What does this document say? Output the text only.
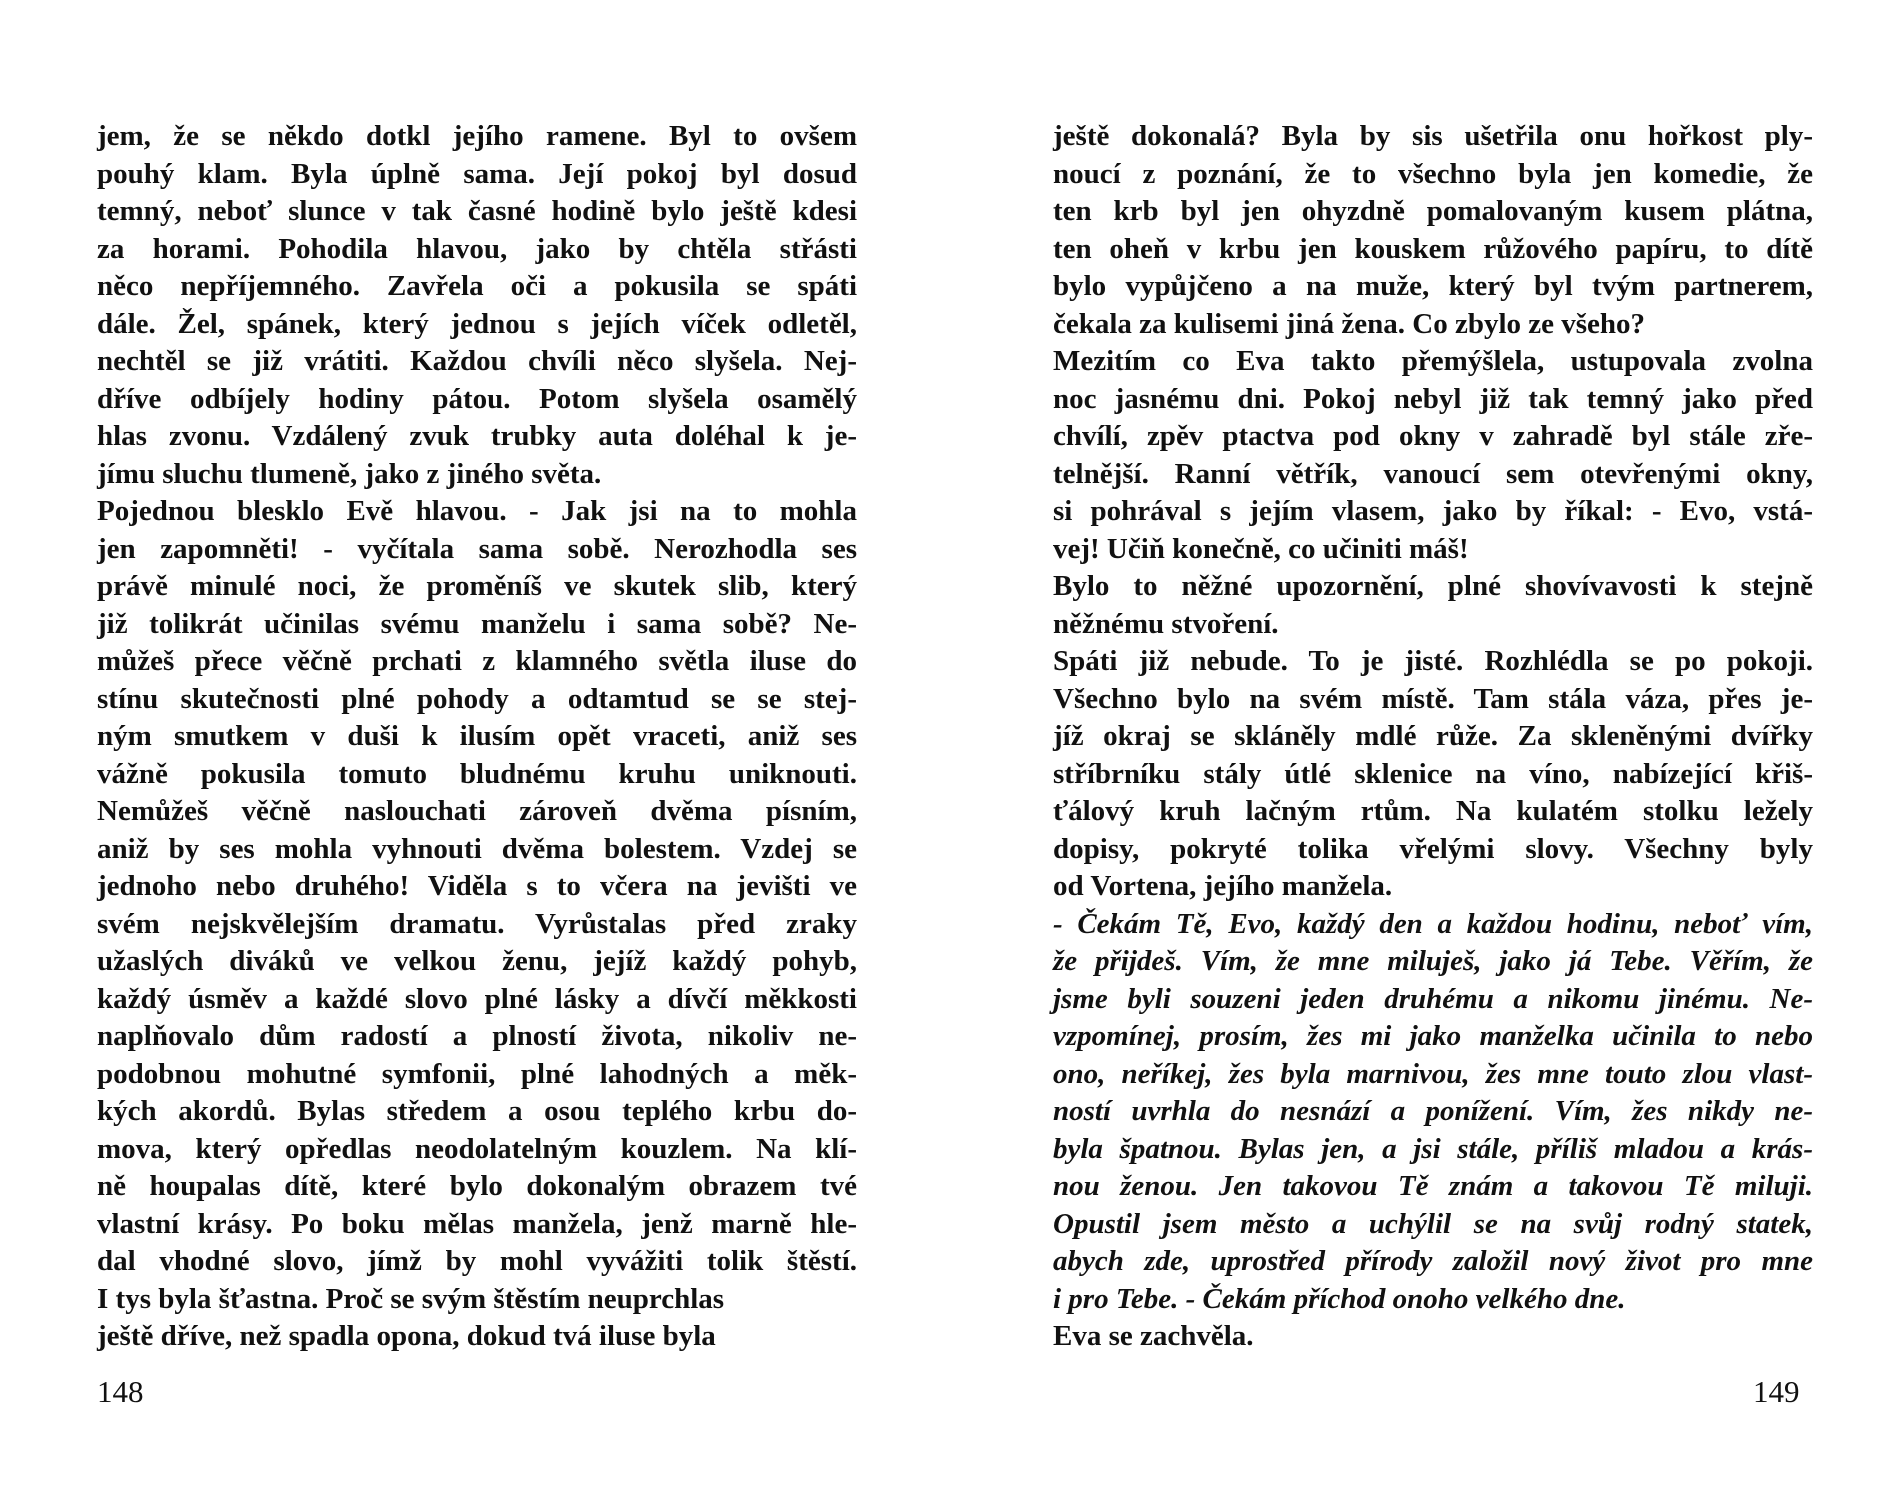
jem, že se někdo dotkl jejího ramene. Byl to ovšem
pouhý klam. Byla úplně sama. Její pokoj byl dosud
temný, neboť slunce v tak časné hodině bylo ještě kdesi
za horami. Pohodila hlavou, jako by chtěla střásti
něco nepříjemného. Zavřela oči a pokusila se spáti
dále. Žel, spánek, který jednou s jejích víček odletěl,
nechtěl se již vrátiti. Každou chvíli něco slyšela. Nej-
dříve odbíjely hodiny pátou. Potom slyšela osamělý
hlas zvonu. Vzdálený zvuk trubky auta doléhal k je-
jímu sluchu tlumeně, jako z jiného světa.
Pojednou blesklo Evě hlavou. - Jak jsi na to mohla
jen zapomněti! - vyčítala sama sobě. Nerozhodla ses
právě minulé noci, že proměníš ve skutek slib, který
již tolikrát učinilas svému manželu i sama sobě? Ne-
můžeš přece věčně prchati z klamného světla iluse do
stínu skutečnosti plné pohody a odtamtud se se stej-
ným smutkem v duši k ilusím opět vraceti, aniž ses
vážně pokusila tomuto bludnému kruhu uniknouti.
Nemůžeš věčně naslouchati zároveň dvěma písním,
aniž by ses mohla vyhnouti dvěma bolestem. Vzdej se
jednoho nebo druhého! Viděla s to včera na jevišti ve
svém nejskvělejším dramatu. Vyrůstalas před zraky
užaslých diváků ve velkou ženu, jejíž každý pohyb,
každý úsměv a každé slovo plné lásky a dívčí měkkosti
naplňovalo dům radostí a plností života, nikoliv ne-
podobnou mohutné symfonii, plné lahodných a měk-
kých akordů. Bylas středem a osou teplého krbu do-
mova, který opředlas neodolatelným kouzlem. Na klí-
ně houpalas dítě, které bylo dokonalým obrazem tvé
vlastní krásy. Po boku mělas manžela, jenž marně hle-
dal vhodné slovo, jímž by mohl vyvážiti tolik štěstí.
I tys byla šťastna. Proč se svým štěstím neuprchlas
ještě dříve, než spadla opona, dokud tvá iluse byla
148
ještě dokonalá? Byla by sis ušetřila onu hořkost ply-
noucí z poznání, že to všechno byla jen komedie, že
ten krb byl jen ohyzdně pomalovaným kusem plátna,
ten oheň v krbu jen kouskem růžového papíru, to dítě
bylo vypůjčeno a na muže, který byl tvým partnerem,
čekala za kulisemi jiná žena. Co zbylo ze všeho?
Mezitím co Eva takto přemýšlela, ustupovala zvolna
noc jasnému dni. Pokoj nebyl již tak temný jako před
chvílí, zpěv ptactva pod okny v zahradě byl stále zře-
telnější. Ranní větřík, vanoucí sem otevřenými okny,
si pohrával s jejím vlasem, jako by říkal: - Evo, vstá-
vej! Učiň konečně, co učiniti máš!
Bylo to něžné upozornění, plné shovívavosti k stejně
něžnému stvoření.
Spáti již nebude. To je jisté. Rozhlédla se po pokoji.
Všechno bylo na svém místě. Tam stála váza, přes je-
jíž okraj se skláněly mdlé růže. Za skleněnými dvířky
stříbrníku stály útlé sklenice na víno, nabízející křiš-
ťálový kruh lačným rtům. Na kulatém stolku ležely
dopisy, pokryté tolika vřelými slovy. Všechny byly
od Vortena, jejího manžela.
- Čekám Tě, Evo, každý den a každou hodinu, neboť vím,
že přijdeš. Vím, že mne miluješ, jako já Tebe. Věřím, že
jsme byli souzeni jeden druhému a nikomu jinému. Ne-
vzpomínej, prosím, žes mi jako manželka učinila to nebo
ono, neříkej, žes byla marnivou, žes mne touto zlou vlast-
ností uvrhla do nesnází a ponížení. Vím, žes nikdy ne-
byla špatnou. Bylas jen, a jsi stále, příliš mladou a krás-
nou ženou. Jen takovou Tě znám a takovou Tě miluji.
Opustil jsem město a uchýlil se na svůj rodný statek,
abych zde, uprostřed přírody založil nový život pro mne
i pro Tebe. - Čekám příchod onoho velkého dne.
Eva se zachvěla.
149
